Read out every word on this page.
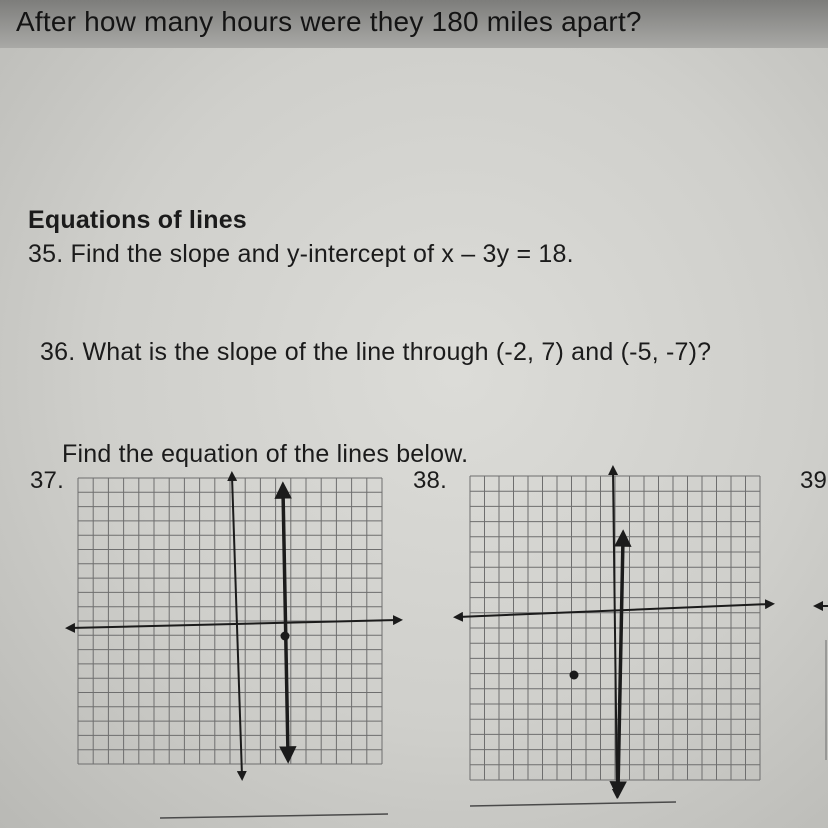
After how many hours were they 180 miles apart?
Equations of lines
35. Find the slope and y-intercept of x – 3y = 18.
36. What is the slope of the line through (-2, 7) and (-5, -7)?
Find the equation of the lines below.
37.	38.	39
